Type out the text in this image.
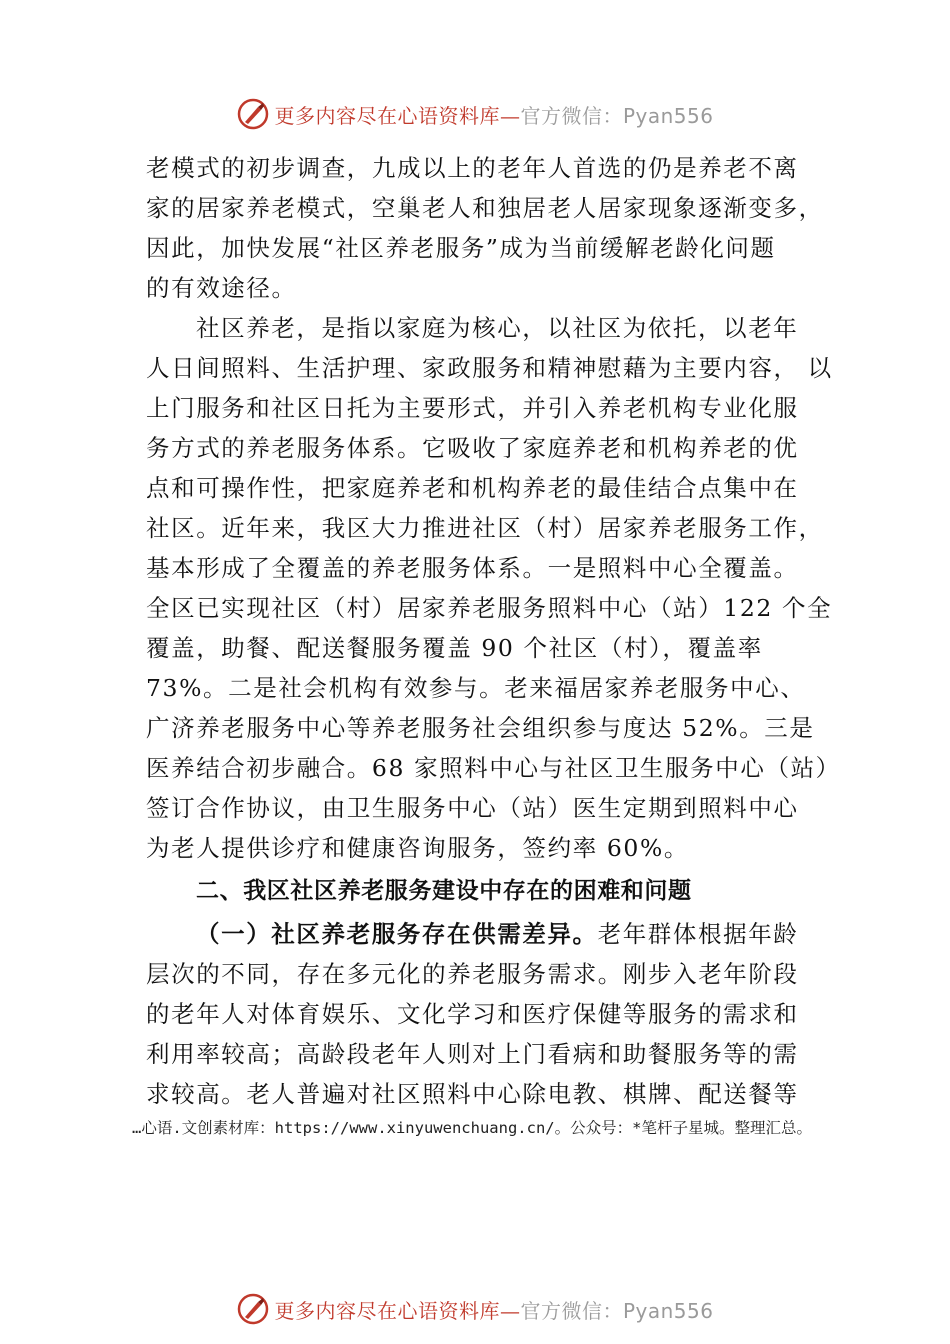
更多内容尽在心语资料库—官方微信：Pyan556
老模式的初步调查，九成以上的老年人首选的仍是养老不离
家的居家养老模式，空巢老人和独居老人居家现象逐渐变多，
因此，加快发展“社区养老服务”成为当前缓解老龄化问题
的有效途径。
社区养老，是指以家庭为核心，以社区为依托，以老年
人日间照料、生活护理、家政服务和精神慰藉为主要内容， 以
上门服务和社区日托为主要形式，并引入养老机构专业化服
务方式的养老服务体系。它吸收了家庭养老和机构养老的优
点和可操作性，把家庭养老和机构养老的最佳结合点集中在
社区。近年来，我区大力推进社区（村）居家养老服务工作，
基本形成了全覆盖的养老服务体系。一是照料中心全覆盖。
全区已实现社区（村）居家养老服务照料中心（站）122 个全
覆盖，助餐、配送餐服务覆盖 90 个社区（村），覆盖率
73%。二是社会机构有效参与。老来福居家养老服务中心、
广济养老服务中心等养老服务社会组织参与度达 52%。三是
医养结合初步融合。68 家照料中心与社区卫生服务中心（站）
签订合作协议，由卫生服务中心（站）医生定期到照料中心
为老人提供诊疗和健康咨询服务，签约率 60%。
二、我区社区养老服务建设中存在的困难和问题
（一）社区养老服务存在供需差异。老年群体根据年龄
层次的不同，存在多元化的养老服务需求。刚步入老年阶段
的老年人对体育娱乐、文化学习和医疗保健等服务的需求和
利用率较高；高龄段老年人则对上门看病和助餐服务等的需
求较高。老人普遍对社区照料中心除电教、棋牌、配送餐等
…心语.文创素材库：https://www.xinyuwenchuang.cn/。公众号：*笔杆子星城。整理汇总。
更多内容尽在心语资料库—官方微信：Pyan556
